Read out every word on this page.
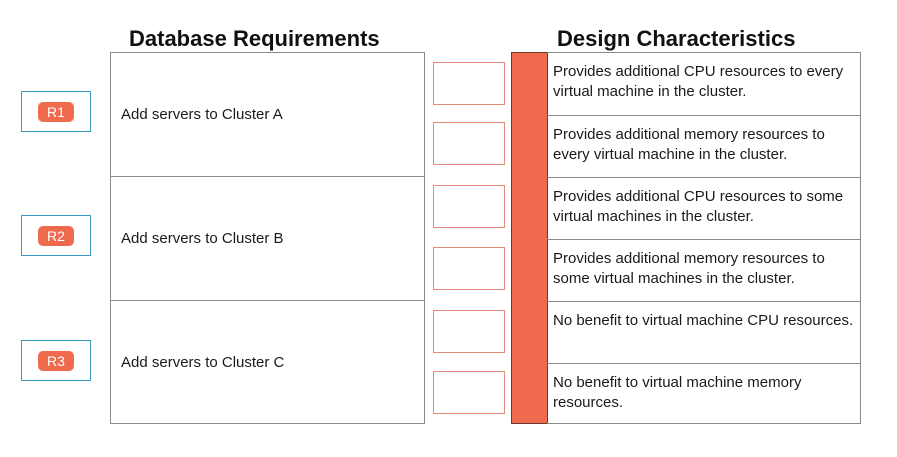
Database Requirements	Design Characteristics
R1
R2
R3
Add servers to Cluster A
Add servers to Cluster B
Add servers to Cluster C
Provides additional CPU resources to every virtual machine in the cluster.
Provides additional memory resources to every virtual machine in the cluster.
Provides additional CPU resources to some virtual machines in the cluster.
Provides additional memory resources to some virtual machines in the cluster.
No benefit to virtual machine CPU resources.
No benefit to virtual machine memory resources.
